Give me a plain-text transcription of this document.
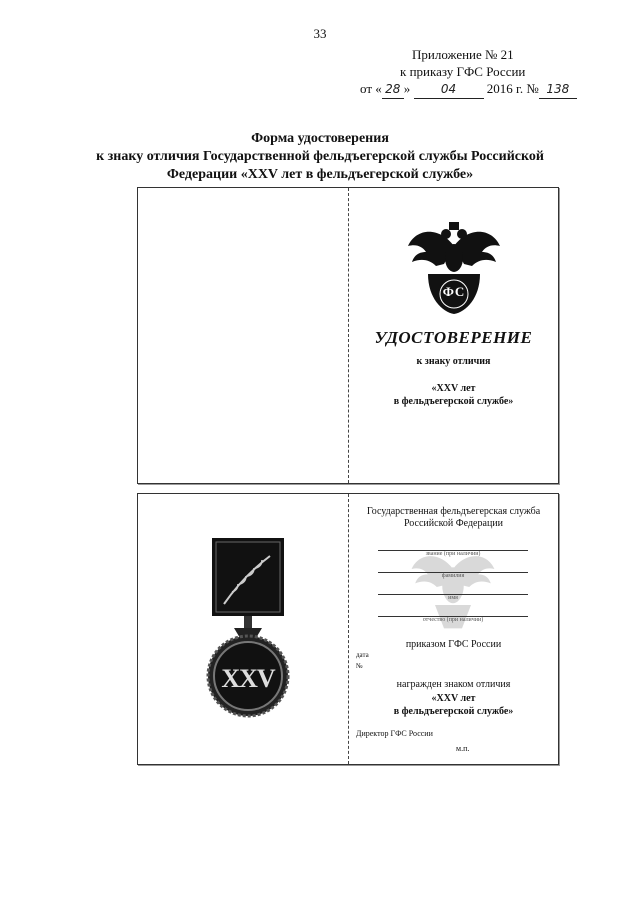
33
Приложение № 21
к приказу ГФС России
от « 28 »	04 2016 г. № 138
Форма удостоверения
к знаку отличия Государственной фельдъегерской службы Российской
Федерации «XXV лет в фельдъегерской службе»
ФС
УДОСТОВЕРЕНИЕ
к знаку отличия
«XXV лет
в фельдъегерской службе»
XXV
Государственная фельдъегерская служба
Российской Федерации
звание (при наличии)
фамилия
имя
отчество (при наличии)
приказом ГФС России
дата
№
награжден знаком отличия
«XXV лет
в фельдъегерской службе»
Директор ГФС России
м.п.
